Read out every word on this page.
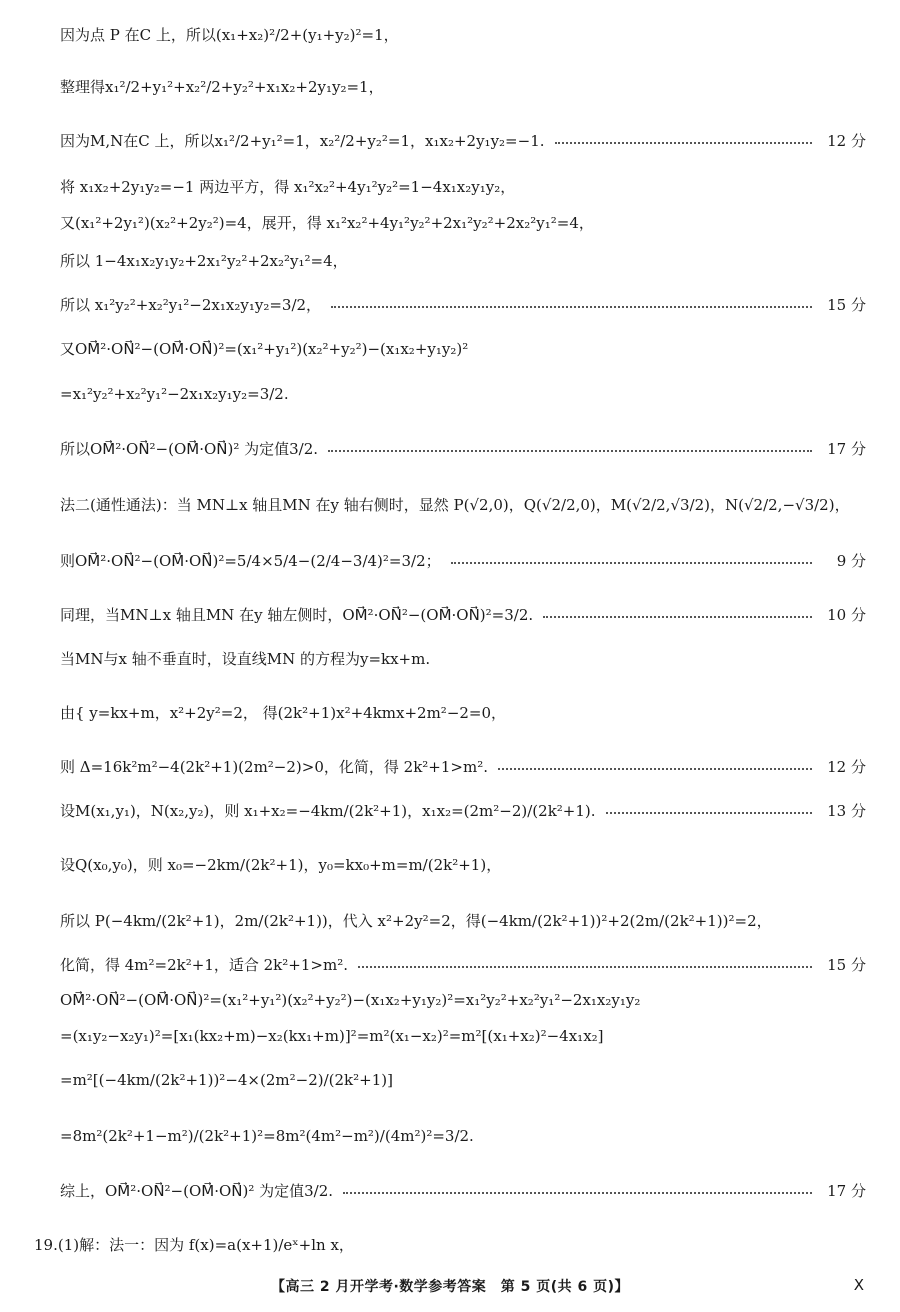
因为点 P 在C 上，所以(x₁+x₂)²/2+(y₁+y₂)²=1，
整理得x₁²/2+y₁²+x₂²/2+y₂²+x₁x₂+2y₁y₂=1，
因为M,N在C 上，所以x₁²/2+y₁²=1，x₂²/2+y₂²=1，x₁x₂+2y₁y₂=−1.	12 分
将 x₁x₂+2y₁y₂=−1 两边平方，得 x₁²x₂²+4y₁²y₂²=1−4x₁x₂y₁y₂，
又(x₁²+2y₁²)(x₂²+2y₂²)=4，展开，得 x₁²x₂²+4y₁²y₂²+2x₁²y₂²+2x₂²y₁²=4，
所以 1−4x₁x₂y₁y₂+2x₁²y₂²+2x₂²y₁²=4，
所以 x₁²y₂²+x₂²y₁²−2x₁x₂y₁y₂=3/2，	15 分
又OM⃗²·ON⃗²−(OM⃗·ON⃗)²=(x₁²+y₁²)(x₂²+y₂²)−(x₁x₂+y₁y₂)²
=x₁²y₂²+x₂²y₁²−2x₁x₂y₁y₂=3/2.
所以OM⃗²·ON⃗²−(OM⃗·ON⃗)² 为定值3/2.	17 分
法二(通性通法)：当 MN⊥x 轴且MN 在y 轴右侧时，显然 P(√2,0)，Q(√2/2,0)，M(√2/2,√3/2)，N(√2/2,−√3/2)，
则OM⃗²·ON⃗²−(OM⃗·ON⃗)²=5/4×5/4−(2/4−3/4)²=3/2；	9 分
同理，当MN⊥x 轴且MN 在y 轴左侧时，OM⃗²·ON⃗²−(OM⃗·ON⃗)²=3/2.	10 分
当MN与x 轴不垂直时，设直线MN 的方程为y=kx+m.
由{ y=kx+m，x²+2y²=2， 得(2k²+1)x²+4kmx+2m²−2=0，
则 Δ=16k²m²−4(2k²+1)(2m²−2)>0，化简，得 2k²+1>m².	12 分
设M(x₁,y₁)，N(x₂,y₂)，则 x₁+x₂=−4km/(2k²+1)，x₁x₂=(2m²−2)/(2k²+1).	13 分
设Q(x₀,y₀)，则 x₀=−2km/(2k²+1)，y₀=kx₀+m=m/(2k²+1)，
所以 P(−4km/(2k²+1)，2m/(2k²+1))，代入 x²+2y²=2，得(−4km/(2k²+1))²+2(2m/(2k²+1))²=2，
化简，得 4m²=2k²+1，适合 2k²+1>m².	15 分
OM⃗²·ON⃗²−(OM⃗·ON⃗)²=(x₁²+y₁²)(x₂²+y₂²)−(x₁x₂+y₁y₂)²=x₁²y₂²+x₂²y₁²−2x₁x₂y₁y₂
=(x₁y₂−x₂y₁)²=[x₁(kx₂+m)−x₂(kx₁+m)]²=m²(x₁−x₂)²=m²[(x₁+x₂)²−4x₁x₂]
=m²[(−4km/(2k²+1))²−4×(2m²−2)/(2k²+1)]
=8m²(2k²+1−m²)/(2k²+1)²=8m²(4m²−m²)/(4m²)²=3/2.
综上，OM⃗²·ON⃗²−(OM⃗·ON⃗)² 为定值3/2.	17 分
19.(1)解：法一：因为 f(x)=a(x+1)/eˣ+ln x，
【高三 2 月开学考·数学参考答案　第 5 页(共 6 页)】	X
